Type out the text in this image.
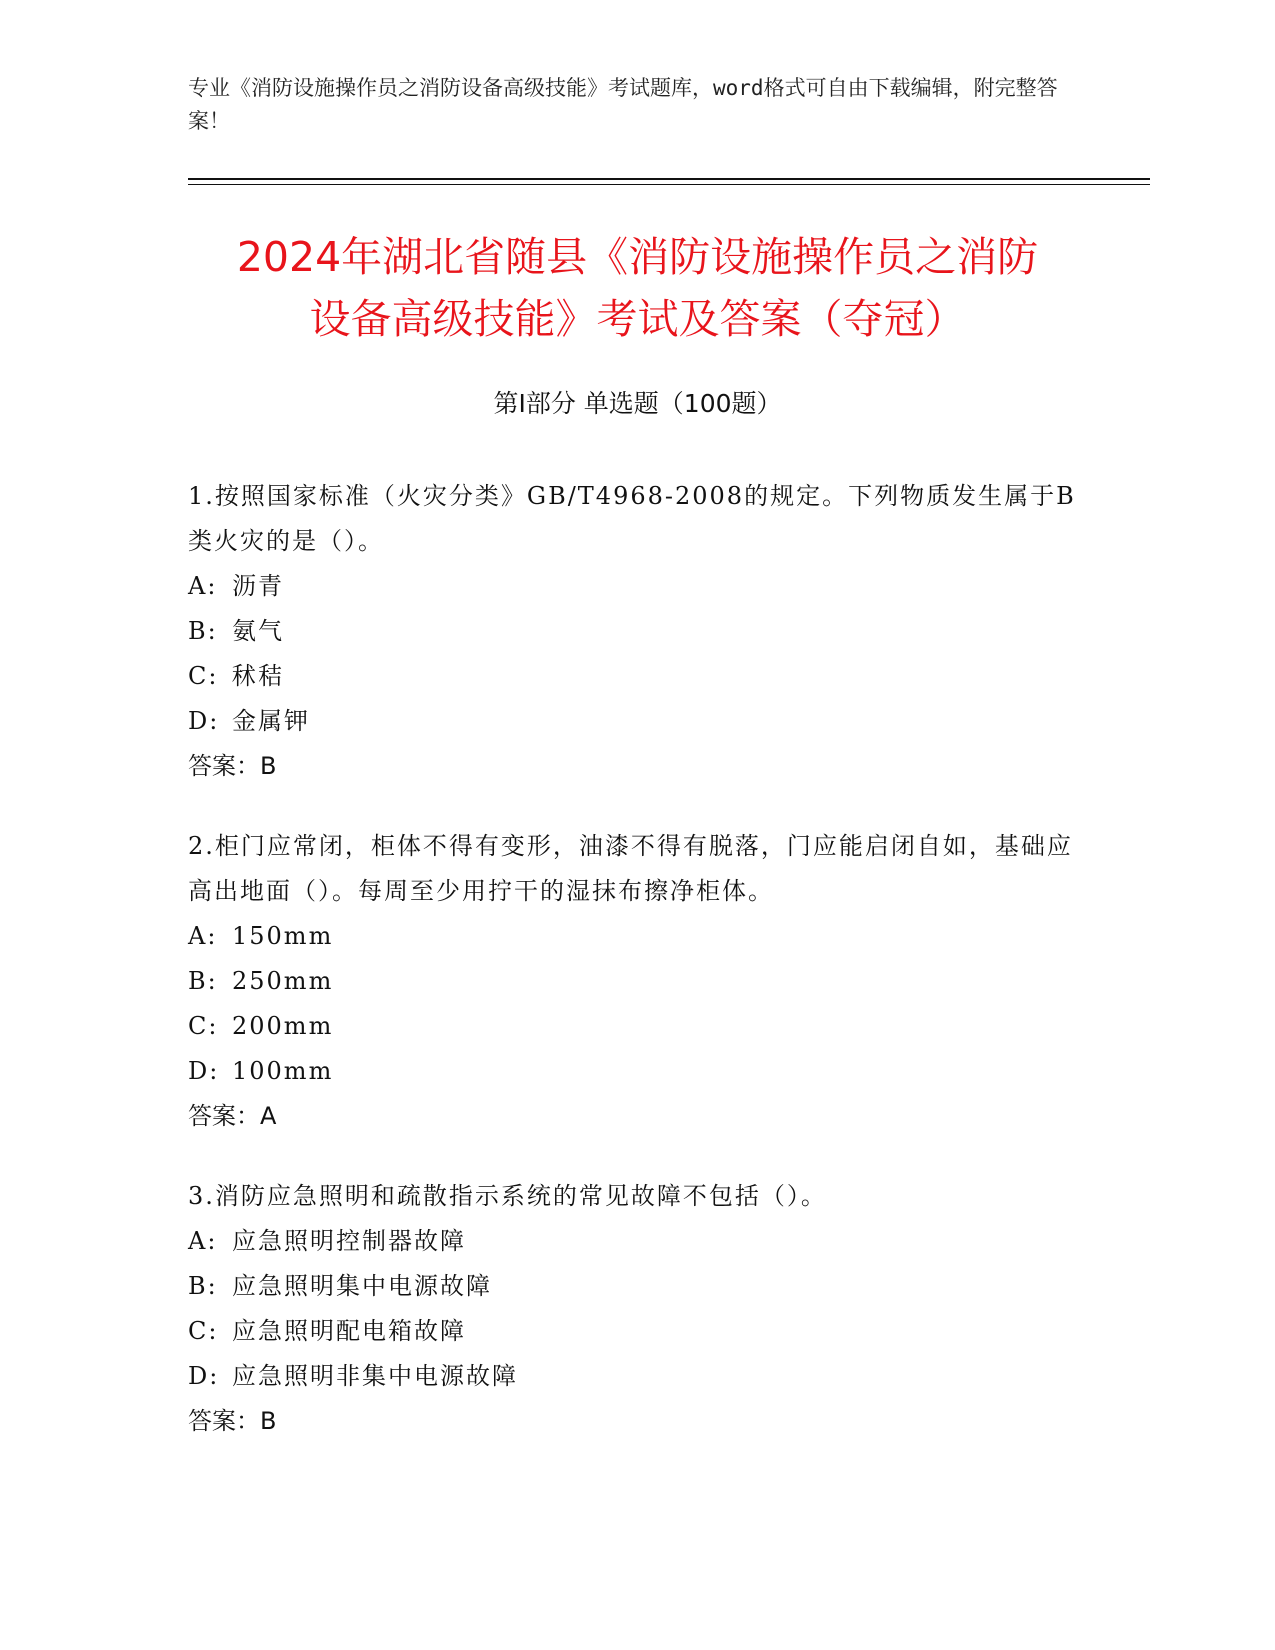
专业《消防设施操作员之消防设备高级技能》考试题库，word格式可自由下载编辑，附完整答案！
2024年湖北省随县《消防设施操作员之消防
设备高级技能》考试及答案（夺冠）
第I部分 单选题（100题）
1.按照国家标准（火灾分类》GB/T4968-2008的规定。下列物质发生属于B类火灾的是（）。
A: 沥青
B: 氨气
C: 秫秸
D: 金属钾
答案：B
2.柜门应常闭，柜体不得有变形，油漆不得有脱落，门应能启闭自如，基础应高出地面（）。每周至少用拧干的湿抹布擦净柜体。
A: 150mm
B: 250mm
C: 200mm
D: 100mm
答案：A
3.消防应急照明和疏散指示系统的常见故障不包括（）。
A: 应急照明控制器故障
B: 应急照明集中电源故障
C: 应急照明配电箱故障
D: 应急照明非集中电源故障
答案：B
